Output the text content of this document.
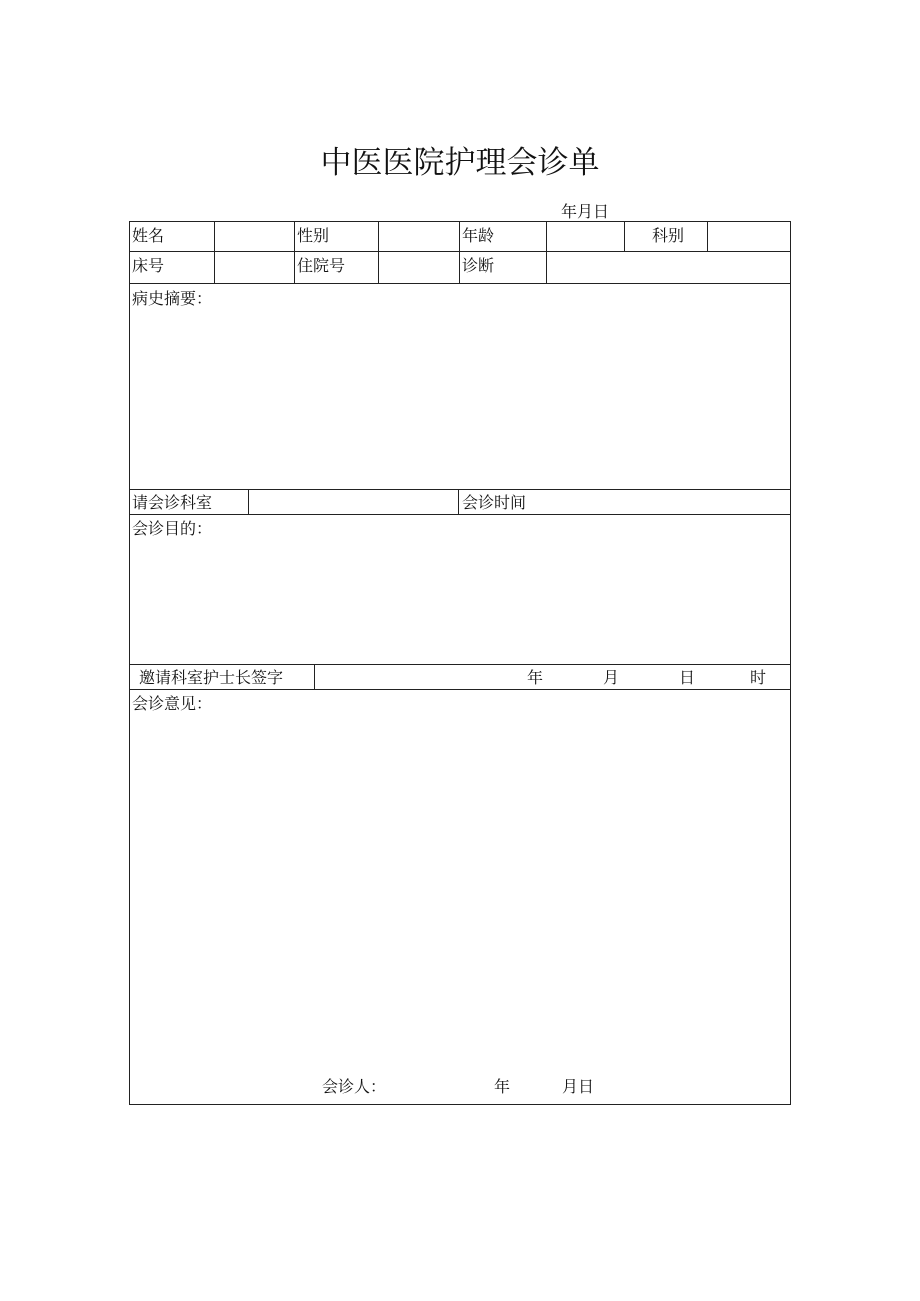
中医医院护理会诊单
年月日
姓名	性别	年龄	科别
床号	住院号	诊断
病史摘要：
请会诊科室	会诊时间
会诊目的：
邀请科室护士长签字	年	月	日	时
会诊意见：
会诊人：	年	月日
